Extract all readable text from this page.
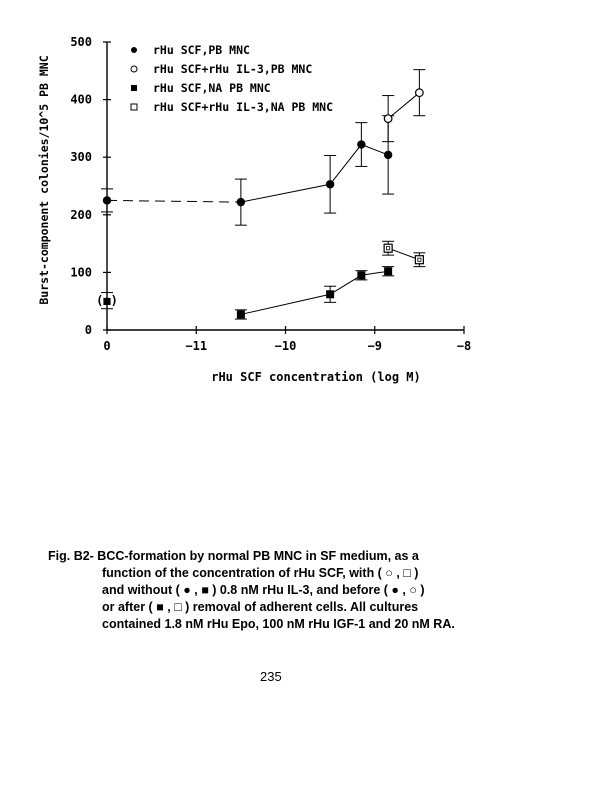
0
100
200
300
400
500
0	−11	−10	−9	−8
(■)
rHu SCF,PB MNC
rHu SCF+rHu IL-3,PB MNC
rHu SCF,NA PB MNC
rHu SCF+rHu IL-3,NA PB MNC
rHu SCF concentration (log M)
Burst-component colonies/10^5 PB MNC
Fig. B2- BCC-formation by normal PB MNC in SF medium, as a
function of the concentration of rHu SCF, with ( ○ , □ )
and without ( ● , ■ ) 0.8 nM rHu IL-3, and before ( ● , ○ )
or after ( ■ , □ ) removal of adherent cells. All cultures
contained 1.8 nM rHu Epo, 100 nM rHu IGF-1 and 20 nM RA.
235
